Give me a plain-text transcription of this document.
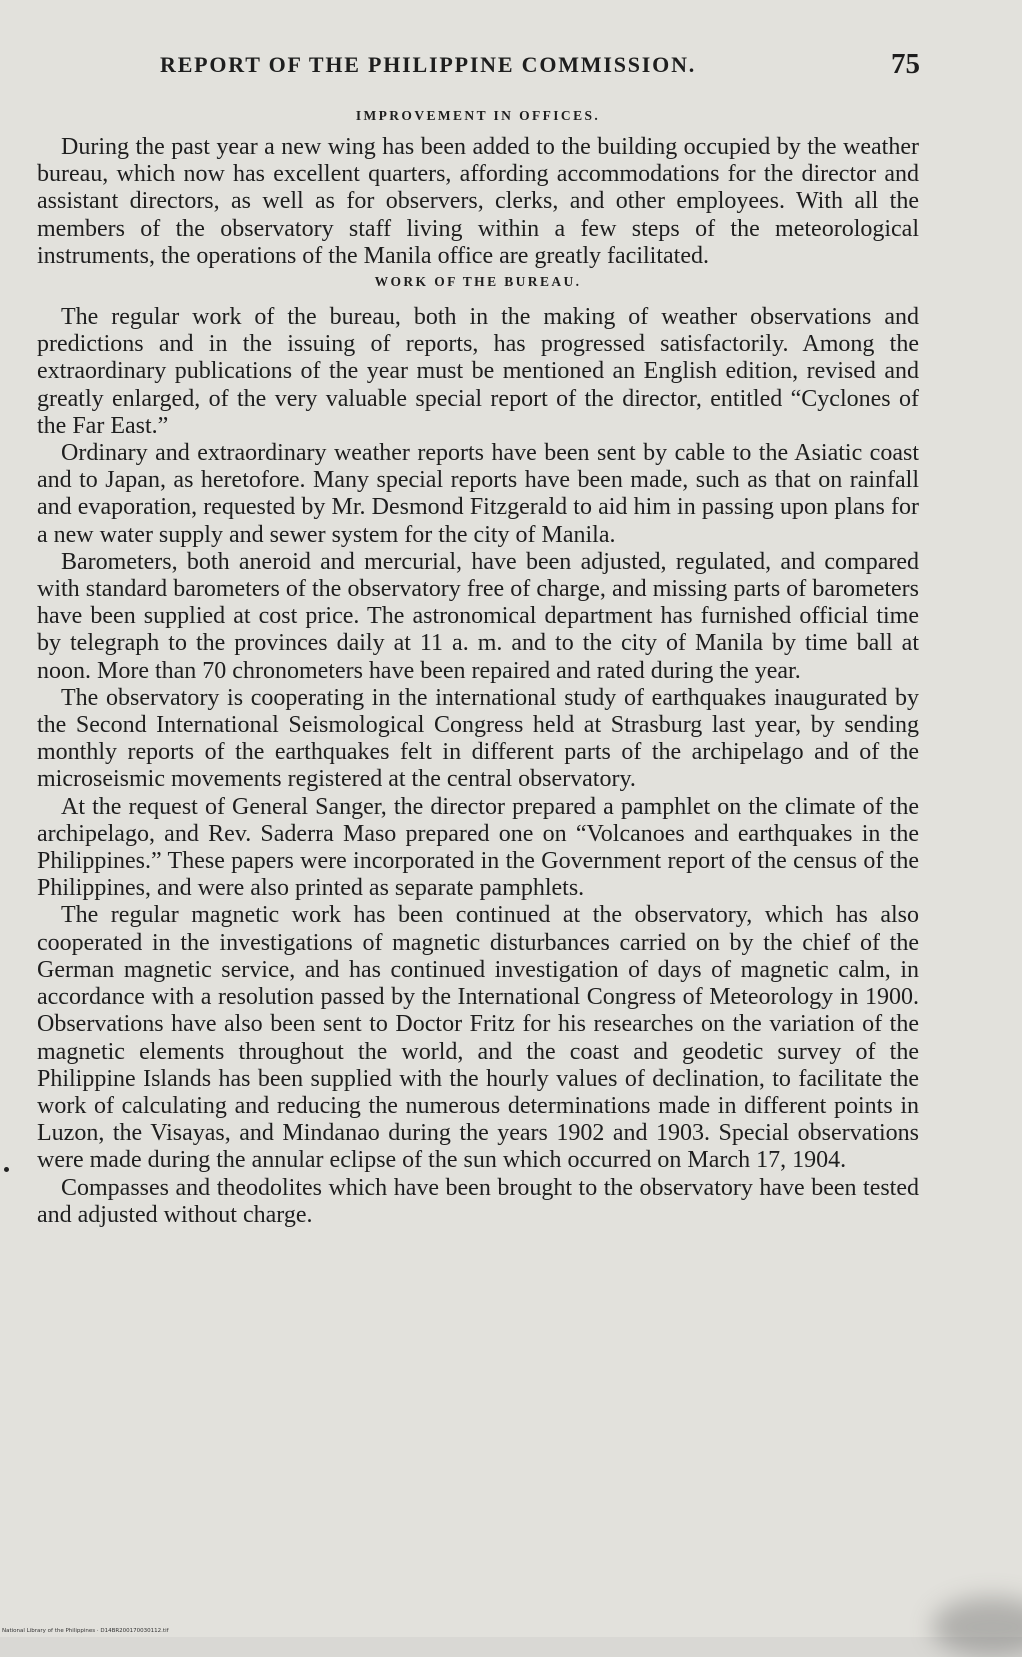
REPORT OF THE PHILIPPINE COMMISSION.	75
IMPROVEMENT IN OFFICES.

During the past year a new wing has been added to the building occupied by the weather bureau, which now has excellent quarters, affording accommodations for the director and assistant directors, as well as for observers, clerks, and other employees. With all the members of the observatory staff living within a few steps of the meteorological instruments, the operations of the Manila office are greatly facilitated.

WORK OF THE BUREAU.

The regular work of the bureau, both in the making of weather observations and predictions and in the issuing of reports, has progressed satisfactorily. Among the extraordinary publications of the year must be mentioned an English edition, revised and greatly enlarged, of the very valuable special report of the director, entitled “Cyclones of the Far East.”

Ordinary and extraordinary weather reports have been sent by cable to the Asiatic coast and to Japan, as heretofore. Many special reports have been made, such as that on rainfall and evaporation, requested by Mr. Desmond Fitzgerald to aid him in passing upon plans for a new water supply and sewer system for the city of Manila.

Barometers, both aneroid and mercurial, have been adjusted, regulated, and compared with standard barometers of the observatory free of charge, and missing parts of barometers have been supplied at cost price. The astronomical department has furnished official time by telegraph to the provinces daily at 11 a. m. and to the city of Manila by time ball at noon. More than 70 chronometers have been repaired and rated during the year.

The observatory is cooperating in the international study of earthquakes inaugurated by the Second International Seismological Congress held at Strasburg last year, by sending monthly reports of the earthquakes felt in different parts of the archipelago and of the microseismic movements registered at the central observatory.

At the request of General Sanger, the director prepared a pamphlet on the climate of the archipelago, and Rev. Saderra Maso prepared one on “Volcanoes and earthquakes in the Philippines.” These papers were incorporated in the Government report of the census of the Philippines, and were also printed as separate pamphlets.

The regular magnetic work has been continued at the observatory, which has also cooperated in the investigations of magnetic disturbances carried on by the chief of the German magnetic service, and has continued investigation of days of magnetic calm, in accordance with a resolution passed by the International Congress of Meteorology in 1900. Observations have also been sent to Doctor Fritz for his researches on the variation of the magnetic elements throughout the world, and the coast and geodetic survey of the Philippine Islands has been supplied with the hourly values of declination, to facilitate the work of calculating and reducing the numerous determinations made in different points in Luzon, the Visayas, and Mindanao during the years 1902 and 1903. Special observations were made during the annular eclipse of the sun which occurred on March 17, 1904.

Compasses and theodolites which have been brought to the observatory have been tested and adjusted without charge.

National Library of the Philippines · D14BR200170030112.tif
